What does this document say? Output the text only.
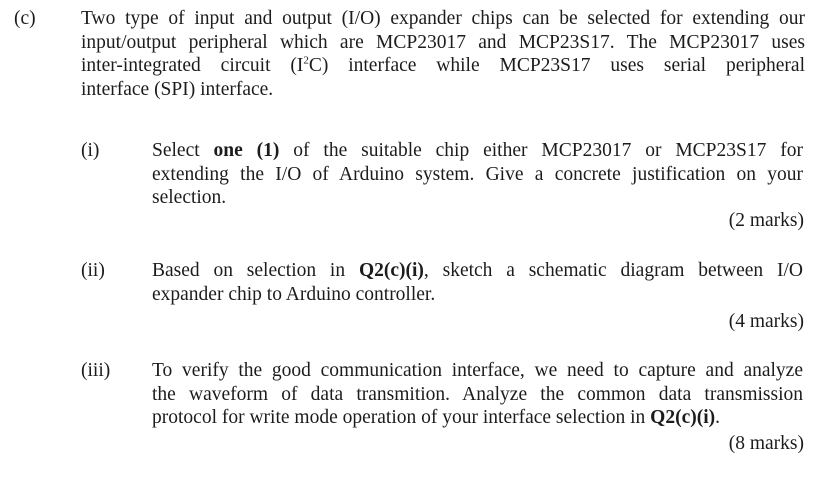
(c) Two type of input and output (I/O) expander chips can be selected for extending our
input/output peripheral which are MCP23017 and MCP23S17. The MCP23017 uses
inter-integrated circuit $(I^2C)$ interface while MCP23S17 uses serial peripheral
interface (SPI) interface.
(i)	Select one (1) of the suitable chip either MCP23017 or MCP23S17 for
extending the I/O of Arduino system. Give a concrete justification on your
selection.
(2 marks)
(ii) Based on selection in Q2(c)(i), sketch a schematic diagram between I/O
expander chip to Arduino controller.
(4 marks)
(iii) To verify the good communication interface, we need to capture and analyze
the waveform of data transmition. Analyze the common data transmission
protocol for write mode operation of your interface selection in Q2(c)(i).
(8 marks)
